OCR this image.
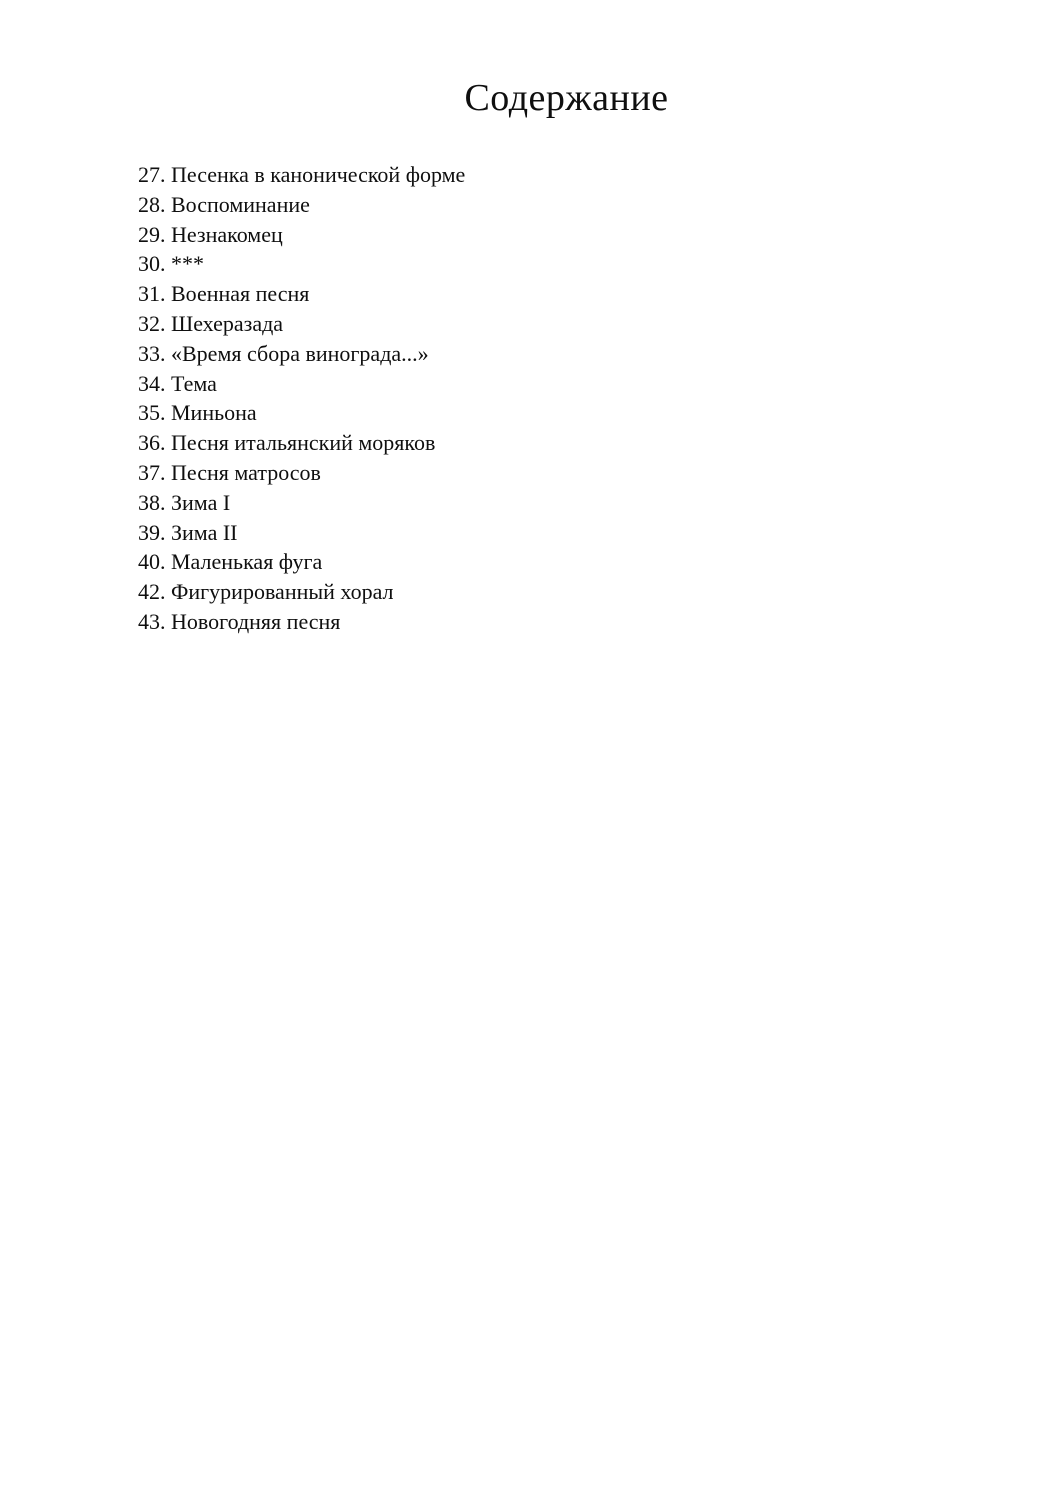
Содержание
27. Песенка в канонической форме
28. Воспоминание
29. Незнакомец
30. ***
31. Военная песня
32. Шехеразада
33. «Время сбора винограда...»
34. Тема
35. Миньона
36. Песня итальянский моряков
37. Песня матросов
38. Зима I
39. Зима II
40. Маленькая фуга
42. Фигурированный хорал
43. Новогодняя песня
